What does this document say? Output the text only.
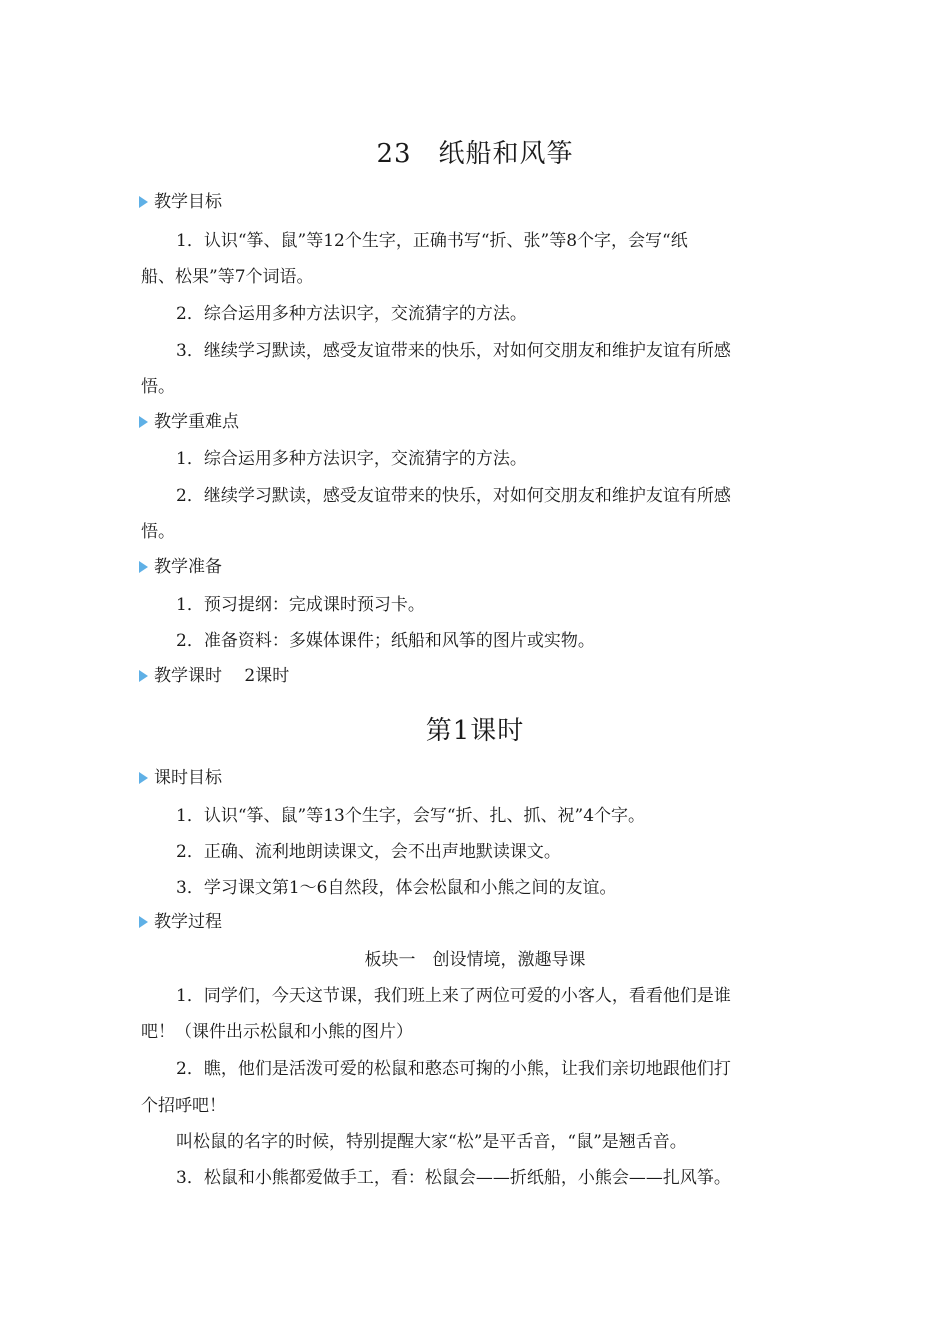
23　纸船和风筝
教学目标
1．认识“筝、鼠”等12个生字，正确书写“折、张”等8个字，会写“纸
船、松果”等7个词语。
2．综合运用多种方法识字，交流猜字的方法。
3．继续学习默读，感受友谊带来的快乐，对如何交朋友和维护友谊有所感
悟。
教学重难点
1．综合运用多种方法识字，交流猜字的方法。
2．继续学习默读，感受友谊带来的快乐，对如何交朋友和维护友谊有所感
悟。
教学准备
1．预习提纲：完成课时预习卡。
2．准备资料：多媒体课件；纸船和风筝的图片或实物。
教学课时　 2课时
第1课时
课时目标
1．认识“筝、鼠”等13个生字，会写“折、扎、抓、祝”4个字。
2．正确、流利地朗读课文，会不出声地默读课文。
3．学习课文第1～6自然段，体会松鼠和小熊之间的友谊。
教学过程
板块一　创设情境，激趣导课
1．同学们，今天这节课，我们班上来了两位可爱的小客人，看看他们是谁
吧！（课件出示松鼠和小熊的图片）
2．瞧，他们是活泼可爱的松鼠和憨态可掬的小熊，让我们亲切地跟他们打
个招呼吧！
叫松鼠的名字的时候，特别提醒大家“松”是平舌音，“鼠”是翘舌音。
3．松鼠和小熊都爱做手工，看：松鼠会——折纸船，小熊会——扎风筝。
